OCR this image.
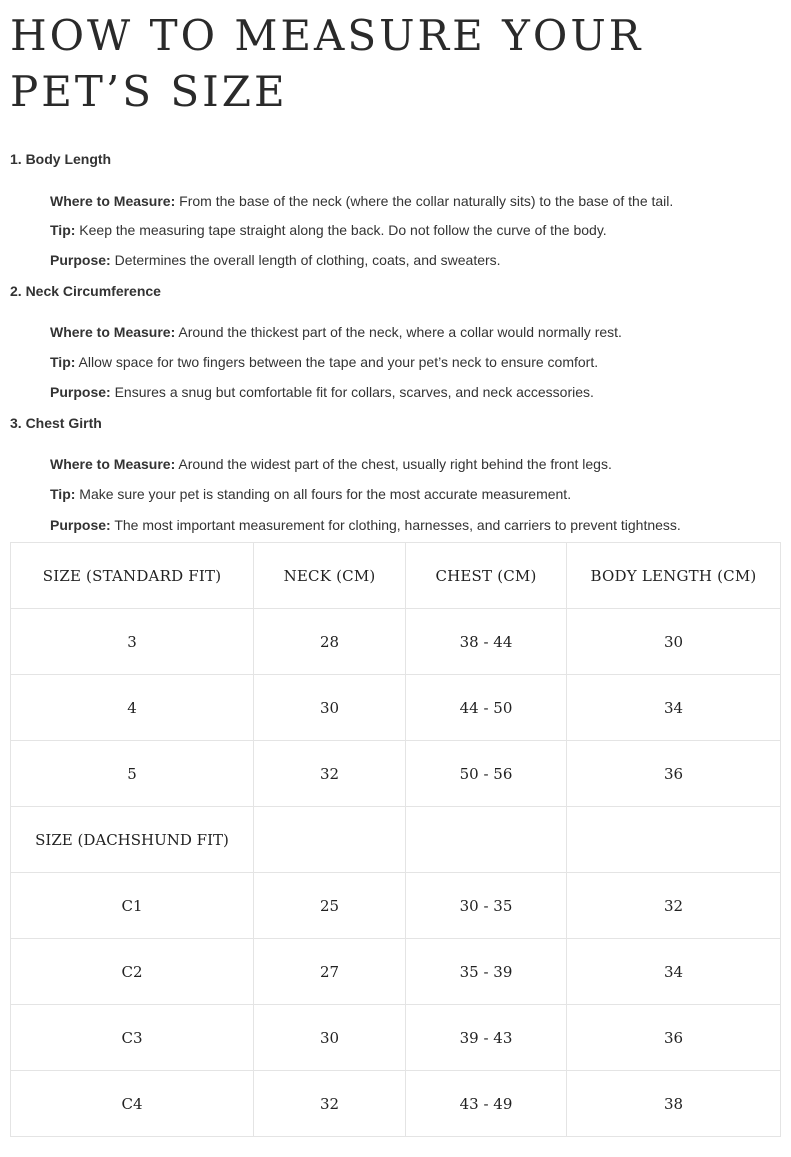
HOW TO MEASURE YOUR PET’S SIZE
1. Body Length

Where to Measure: From the base of the neck (where the collar naturally sits) to the base of the tail.

Tip: Keep the measuring tape straight along the back. Do not follow the curve of the body.

Purpose: Determines the overall length of clothing, coats, and sweaters.

2. Neck Circumference

Where to Measure: Around the thickest part of the neck, where a collar would normally rest.

Tip: Allow space for two fingers between the tape and your pet’s neck to ensure comfort.

Purpose: Ensures a snug but comfortable fit for collars, scarves, and neck accessories.

3. Chest Girth

Where to Measure: Around the widest part of the chest, usually right behind the front legs.

Tip: Make sure your pet is standing on all fours for the most accurate measurement.

Purpose: The most important measurement for clothing, harnesses, and carriers to prevent tightness.

SIZE (STANDARD FIT)	NECK (CM)	CHEST (CM)	BODY LENGTH (CM)
3	28	38 - 44	30
4	30	44 - 50	34
5	32	50 - 56	36
SIZE (DACHSHUND FIT)			
C1	25	30 - 35	32
C2	27	35 - 39	34
C3	30	39 - 43	36
C4	32	43 - 49	38
